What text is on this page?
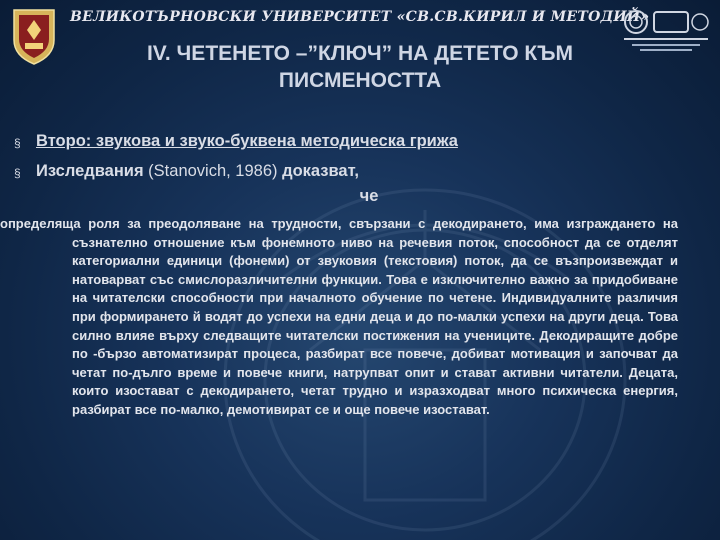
ВЕЛИКОТЪРНОВСКИ УНИВЕРСИТЕТ «СВ.СВ.КИРИЛ И МЕТОДИЙ»
IV. ЧЕТЕНЕТО –”КЛЮЧ” НА ДЕТЕТО КЪМ
ПИСМЕНОСТТА
§ Второ: звукова и звуко-буквена методическа грижа
§ Изследвания (Stanovich, 1986) доказват,
че
определяща роля за преодоляване на трудности, свързани с декодирането, има изграждането на съзнателно отношение към фонемното ниво на речевия поток, способност да се отделят категориални единици (фонеми) от звуковия (текстовия) поток, да се възпроизвеждат и натоварват със смислоразличителни функции. Това е изключително важно за придобиване на читателски способности при началното обучение по четене. Индивидуалните различия при формирането й водят до успехи на едни деца и до по-малки успехи на други деца. Това силно влияе върху следващите читателски постижения на учениците. Декодиращите добре по -бързо автоматизират процеса, разбират все повече, добиват мотивация и започват да четат по-дълго време и повече книги, натрупват опит и стават активни читатели. Децата, които изостават с декодирането, четат трудно и изразходват много психическа енергия, разбират все по-малко, демотивират се и още повече изостават.
